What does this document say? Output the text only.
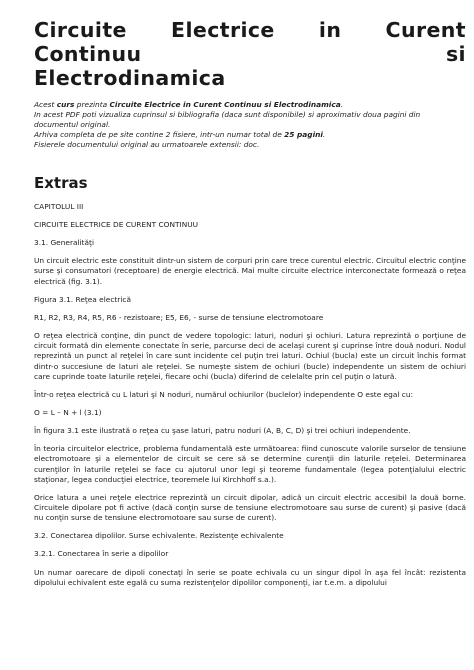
Circuite Electrice in Curent Continuu si
Electrodinamica

Acest curs prezinta Circuite Electrice in Curent Continuu si Electrodinamica.

In acest PDF poti vizualiza cuprinsul si bibliografia (daca sunt disponibile) si aproximativ doua pagini din documentul original.

Arhiva completa de pe site contine 2 fisiere, intr-un numar total de 25 pagini.

Fisierele documentului original au urmatoarele extensii: doc.

Extras

CAPITOLUL III

CIRCUITE ELECTRICE DE CURENT CONTINUU

3.1. Generalităţi

Un circuit electric este constituit dintr-un sistem de corpuri prin care trece curentul electric. Circuitul electric conţine surse şi consumatori (receptoare) de energie electrică. Mai multe circuite electrice interconectate formează o reţea electrică (fig. 3.1).

Figura 3.1. Reţea electrică

R1, R2, R3, R4, R5, R6 - rezistoare; E5, E6, - surse de tensiune electromotoare

O reţea electrică conţine, din punct de vedere topologic: laturi, noduri şi ochiuri. Latura reprezintă o porţiune de circuit formată din elemente conectate în serie, parcurse deci de acelaşi curent şi cuprinse între două noduri. Nodul reprezintă un punct al reţelei în care sunt incidente cel puţin trei laturi. Ochiul (bucla) este un circuit închis format dintr-o succesiune de laturi ale reţelei. Se numeşte sistem de ochiuri (bucle) independente un sistem de ochiuri care cuprinde toate laturile reţelei, fiecare ochi (bucla) diferind de celelalte prin cel puţin o latură.

Într-o reţea electrică cu L laturi şi N noduri, numărul ochiurilor (buclelor) independente O este egal cu:

O = L – N + l (3.1)

În figura 3.1 este ilustrată o reţea cu şase laturi, patru noduri (A, B, C, D) şi trei ochiuri independente.

În teoria circuitelor electrice, problema fundamentală este următoarea: fiind cunoscute valorile surselor de tensiune electromotoare şi a elementelor de circuit se cere să se determine curenţii din laturile reţelei. Determinarea curenţilor în laturile reţelei se face cu ajutorul unor legi şi teoreme fundamentale (legea potenţialului electric staţionar, legea conducţiei electrice, teoremele lui Kirchhoff s.a.).

Orice latura a unei reţele electrice reprezintă un circuit dipolar, adică un circuit electric accesibil la două borne. Circuitele dipolare pot fi active (dacă conţin surse de tensiune electromotoare sau surse de curent) şi pasive (dacă nu conţin surse de tensiune electromotoare sau surse de curent).

3.2. Conectarea dipolilor. Surse echivalente. Rezistenţe echivalente

3.2.1. Conectarea în serie a dipolilor

Un numar oarecare de dipoli conectaţi în serie se poate echivala cu un singur dipol în aşa fel încât: rezistenta dipolului echivalent este egală cu suma rezistenţelor dipolilor componenţi, iar t.e.m. a dipolului
